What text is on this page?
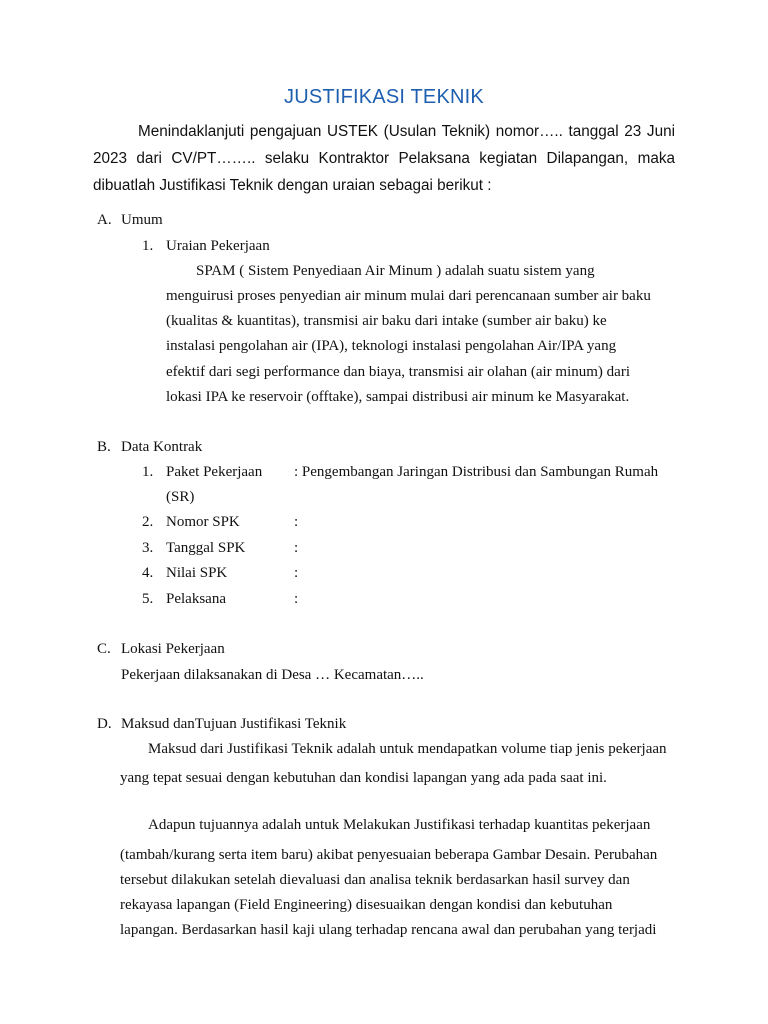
JUSTIFIKASI TEKNIK

Menindaklanjuti pengajuan USTEK (Usulan Teknik) nomor….. tanggal 23 Juni 2023 dari CV/PT…….. selaku Kontraktor Pelaksana kegiatan Dilapangan, maka dibuatlah Justifikasi Teknik dengan uraian sebagai berikut :

A. Umum
1. Uraian Pekerjaan
SPAM ( Sistem Penyediaan Air Minum ) adalah suatu sistem yang
menguirusi proses penyedian air minum mulai dari perencanaan sumber air baku
(kualitas & kuantitas), transmisi air baku dari intake (sumber air baku) ke
instalasi pengolahan air (IPA), teknologi instalasi pengolahan Air/IPA yang
efektif dari segi performance dan biaya, transmisi air olahan (air minum) dari
lokasi IPA ke reservoir (offtake), sampai distribusi air minum ke Masyarakat.
B. Data Kontrak
1. Paket Pekerjaan : Pengembangan Jaringan Distribusi dan Sambungan Rumah
(SR)
2. Nomor SPK	:
3. Tanggal SPK	:
4. Nilai SPK	:
5. Pelaksana	:
C. Lokasi Pekerjaan
Pekerjaan dilaksanakan di Desa … Kecamatan…..
D. Maksud danTujuan Justifikasi Teknik
Maksud dari Justifikasi Teknik adalah untuk mendapatkan volume tiap jenis pekerjaan
yang tepat sesuai dengan kebutuhan dan kondisi lapangan yang ada pada saat ini.
Adapun tujuannya adalah untuk Melakukan Justifikasi terhadap kuantitas pekerjaan
(tambah/kurang serta item baru) akibat penyesuaian beberapa Gambar Desain. Perubahan
tersebut dilakukan setelah dievaluasi dan analisa teknik berdasarkan hasil survey dan
rekayasa lapangan (Field Engineering) disesuaikan dengan kondisi dan kebutuhan
lapangan. Berdasarkan hasil kaji ulang terhadap rencana awal dan perubahan yang terjadi
